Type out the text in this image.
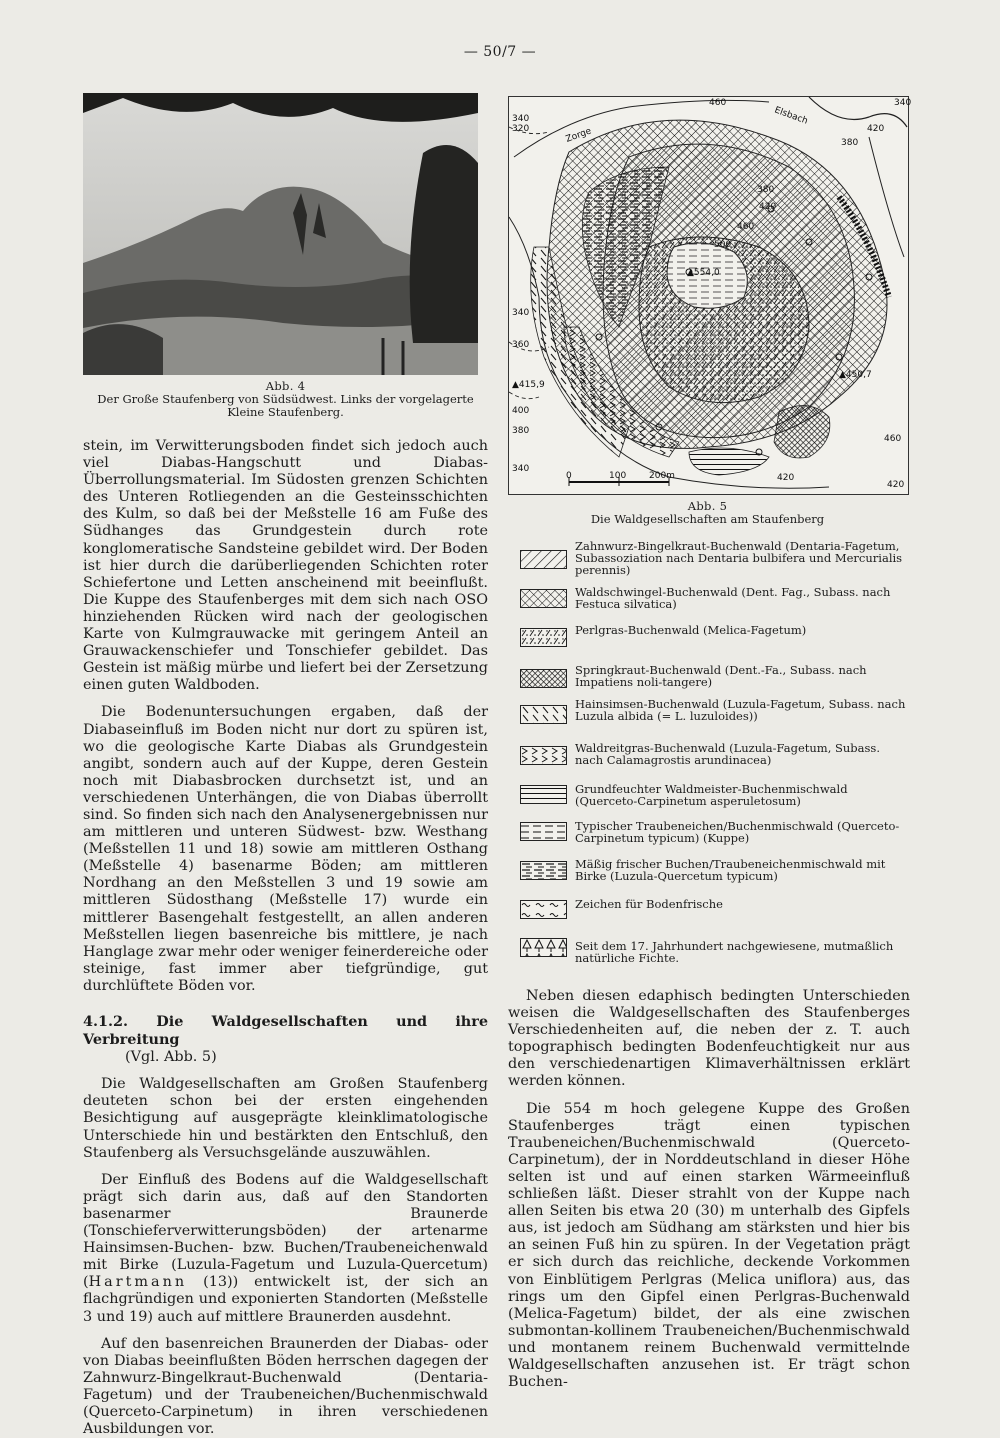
— 50/7 —
Abb. 4
Der Große Staufenberg von Südsüdwest. Links der vorgelagerte Kleine Staufenberg.

stein, im Verwitterungsboden findet sich jedoch auch viel Diabas-Hangschutt und Diabas-Überrollungsmaterial. Im Südosten grenzen Schichten des Unteren Rotliegenden an die Gesteinsschichten des Kulm, so daß bei der Meßstelle 16 am Fuße des Südhanges das Grundgestein durch rote konglomeratische Sandsteine gebildet wird. Der Boden ist hier durch die darüberliegenden Schichten roter Schiefertone und Letten anscheinend mit beeinflußt. Die Kuppe des Staufenberges mit dem sich nach OSO hinziehenden Rücken wird nach der geologischen Karte von Kulmgrauwacke mit geringem Anteil an Grauwackenschiefer und Tonschiefer gebildet. Das Gestein ist mäßig mürbe und liefert bei der Zersetzung einen guten Waldboden.

Die Bodenuntersuchungen ergaben, daß der Diabaseinfluß im Boden nicht nur dort zu spüren ist, wo die geologische Karte Diabas als Grundgestein angibt, sondern auch auf der Kuppe, deren Gestein noch mit Diabasbrocken durchsetzt ist, und an verschiedenen Unterhängen, die von Diabas überrollt sind. So finden sich nach den Analysenergebnissen nur am mittleren und unteren Südwest- bzw. Westhang (Meßstellen 11 und 18) sowie am mittleren Osthang (Meßstelle 4) basenarme Böden; am mittleren Nordhang an den Meßstellen 3 und 19 sowie am mittleren Südosthang (Meßstelle 17) wurde ein mittlerer Basengehalt festgestellt, an allen anderen Meßstellen liegen basenreiche bis mittlere, je nach Hanglage zwar mehr oder weniger feinerdereiche oder steinige, fast immer aber tiefgründige, gut durchlüftete Böden vor.

4.1.2. Die Waldgesellschaften und ihre Verbreitung
(Vgl. Abb. 5)

Die Waldgesellschaften am Großen Staufenberg deuteten schon bei der ersten eingehenden Besichtigung auf ausgeprägte kleinklimatologische Unterschiede hin und bestärkten den Entschluß, den Staufenberg als Versuchsgelände auszuwählen.

Der Einfluß des Bodens auf die Waldgesellschaft prägt sich darin aus, daß auf den Standorten basenarmer Braunerde (Tonschieferverwitterungsböden) der artenarme Hainsimsen-Buchen- bzw. Buchen/Traubeneichenwald mit Birke (Luzula-Fagetum und Luzula-Quercetum) (Hartmann (13)) entwickelt ist, der sich an flachgründigen und exponierten Standorten (Meßstelle 3 und 19) auch auf mittlere Braunerden ausdehnt.

Auf den basenreichen Braunerden der Diabas- oder von Diabas beeinflußten Böden herrschen dagegen der Zahnwurz-Bingelkraut-Buchenwald (Dentaria-Fagetum) und der Traubeneichen/Buchenmischwald (Querceto-Carpinetum) in ihren verschiedenen Ausbildungen vor.

Elsbach
Zorge
▲554,0
▲415,9
▲450,7
340
320
340
360
400
380
340
460
420
380
380
420
460
500
460
420
420
340
0	100	200m
Abb. 5
Die Waldgesellschaften am Staufenberg
Zahnwurz-Bingelkraut-Buchenwald (Dentaria-Fagetum, Subassoziation nach Dentaria bulbifera und Mercurialis perennis)
Waldschwingel-Buchenwald (Dent. Fag., Subass. nach Festuca silvatica)
Perlgras-Buchenwald (Melica-Fagetum)
Springkraut-Buchenwald (Dent.-Fa., Subass. nach Impatiens noli-tangere)
Hainsimsen-Buchenwald (Luzula-Fagetum, Subass. nach Luzula albida (= L. luzuloides))
Waldreitgras-Buchenwald (Luzula-Fagetum, Subass. nach Calamagrostis arundinacea)
Grundfeuchter Waldmeister-Buchenmischwald (Querceto-Carpinetum asperuletosum)
Typischer Traubeneichen/Buchenmischwald (Querceto-Carpinetum typicum) (Kuppe)
Mäßig frischer Buchen/Traubeneichenmischwald mit Birke (Luzula-Quercetum typicum)
Zeichen für Bodenfrische
Seit dem 17. Jahrhundert nachgewiesene, mutmaßlich natürliche Fichte.

Neben diesen edaphisch bedingten Unterschieden weisen die Waldgesellschaften des Staufenberges Verschiedenheiten auf, die neben der z. T. auch topographisch bedingten Bodenfeuchtigkeit nur aus den verschiedenartigen Klimaverhältnissen erklärt werden können.

Die 554 m hoch gelegene Kuppe des Großen Staufenberges trägt einen typischen Traubeneichen/Buchenmischwald (Querceto-Carpinetum), der in Norddeutschland in dieser Höhe selten ist und auf einen starken Wärmeeinfluß schließen läßt. Dieser strahlt von der Kuppe nach allen Seiten bis etwa 20 (30) m unterhalb des Gipfels aus, ist jedoch am Südhang am stärksten und hier bis an seinen Fuß hin zu spüren. In der Vegetation prägt er sich durch das reichliche, deckende Vorkommen von Einblütigem Perlgras (Melica uniflora) aus, das rings um den Gipfel einen Perlgras-Buchenwald (Melica-Fagetum) bildet, der als eine zwischen submontan-kollinem Traubeneichen/Buchenmischwald und montanem reinem Buchenwald vermittelnde Waldgesellschaften anzusehen ist. Er trägt schon Buchen-
